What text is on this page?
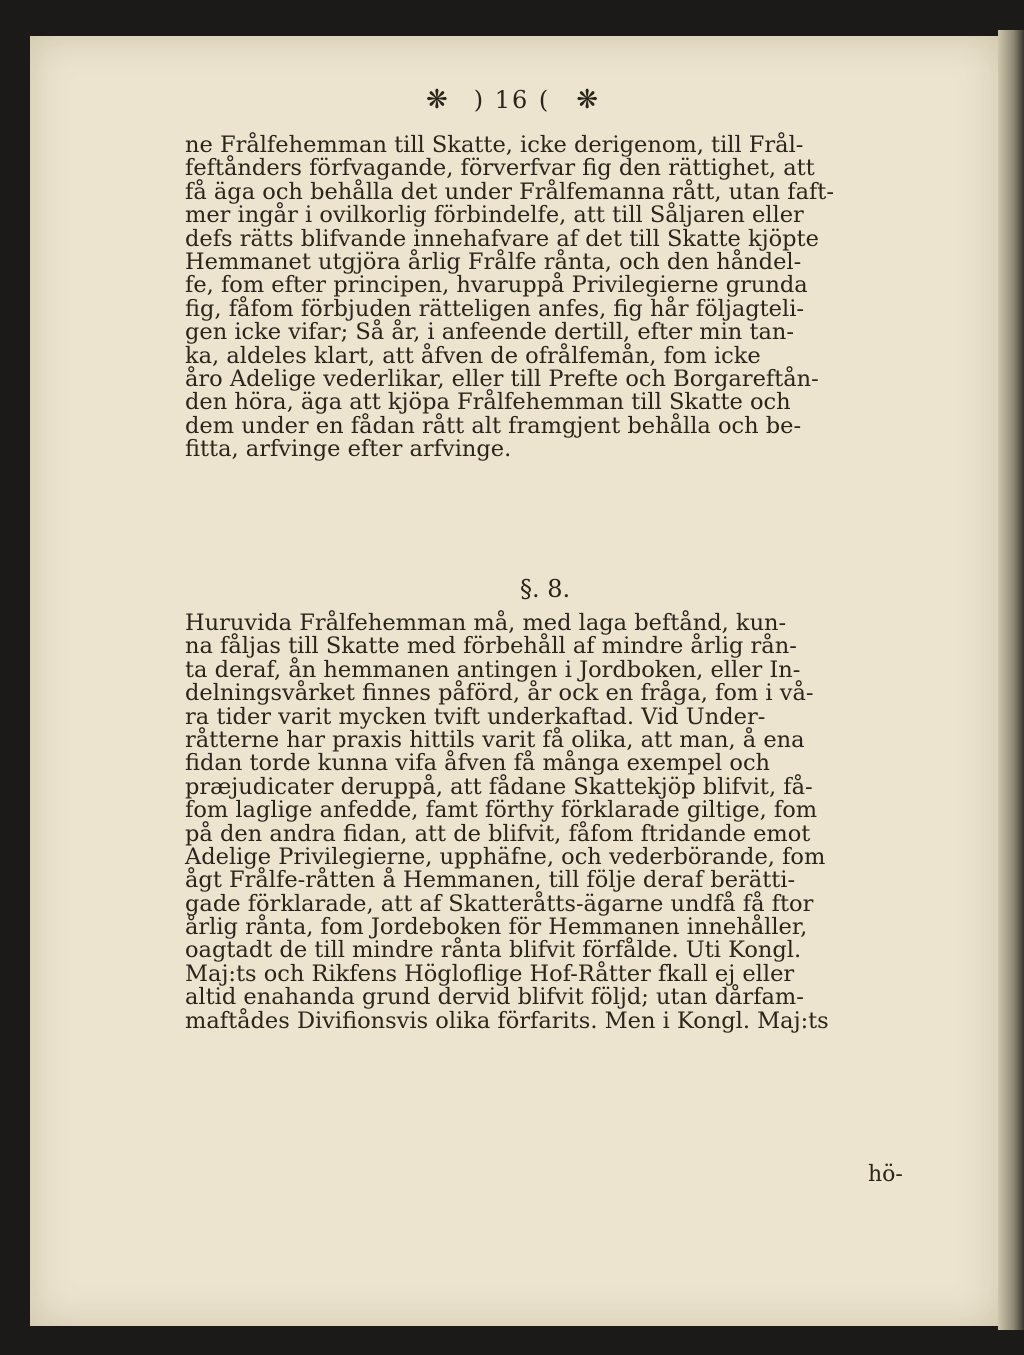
❋ ) 16 ( ❋
ne Frålfehemman till Skatte, icke derigenom, till Frål-
feftånders förfvagande, förverfvar fig den rättighet, att
få äga och behålla det under Frålfemanna rått, utan faft-
mer ingår i ovilkorlig förbindelfe, att till Såljaren eller
defs rätts blifvande innehafvare af det till Skatte kjöpte
Hemmanet utgjöra årlig Frålfe rånta, och den håndel-
fe, fom efter principen, hvaruppå Privilegierne grunda
fig, fåfom förbjuden rätteligen anfes, fig hår följagteli-
gen icke vifar; Så år, i anfeende dertill, efter min tan-
ka, aldeles klart, att åfven de ofrålfemån, fom icke
åro Adelige vederlikar, eller till Prefte och Borgareftån-
den höra, äga att kjöpa Frålfehemman till Skatte och
dem under en fådan rått alt framgjent behålla och be-
fitta, arfvinge efter arfvinge.
§. 8.
Huruvida Frålfehemman må, med laga beftånd, kun-
na fåljas till Skatte med förbehåll af mindre årlig rån-
ta deraf, ån hemmanen antingen i Jordboken, eller In-
delningsvårket finnes påförd, år ock en fråga, fom i vå-
ra tider varit mycken tvift underkaftad. Vid Under-
råtterne har praxis hittils varit få olika, att man, å ena
fidan torde kunna vifa åfven få många exempel och
præjudicater deruppå, att fådane Skattekjöp blifvit, få-
fom laglige anfedde, famt förthy förklarade giltige, fom
på den andra fidan, att de blifvit, fåfom ftridande emot
Adelige Privilegierne, upphäfne, och vederbörande, fom
ågt Frålfe-råtten å Hemmanen, till följe deraf berätti-
gade förklarade, att af Skatteråtts-ägarne undfå få ftor
årlig rånta, fom Jordeboken för Hemmanen innehåller,
oagtadt de till mindre rånta blifvit förfålde. Uti Kongl.
Maj:ts och Rikfens Högloflige Hof-Råtter fkall ej eller
altid enahanda grund dervid blifvit följd; utan dårfam-
maftådes Divifionsvis olika förfarits. Men i Kongl. Maj:ts
hö-
